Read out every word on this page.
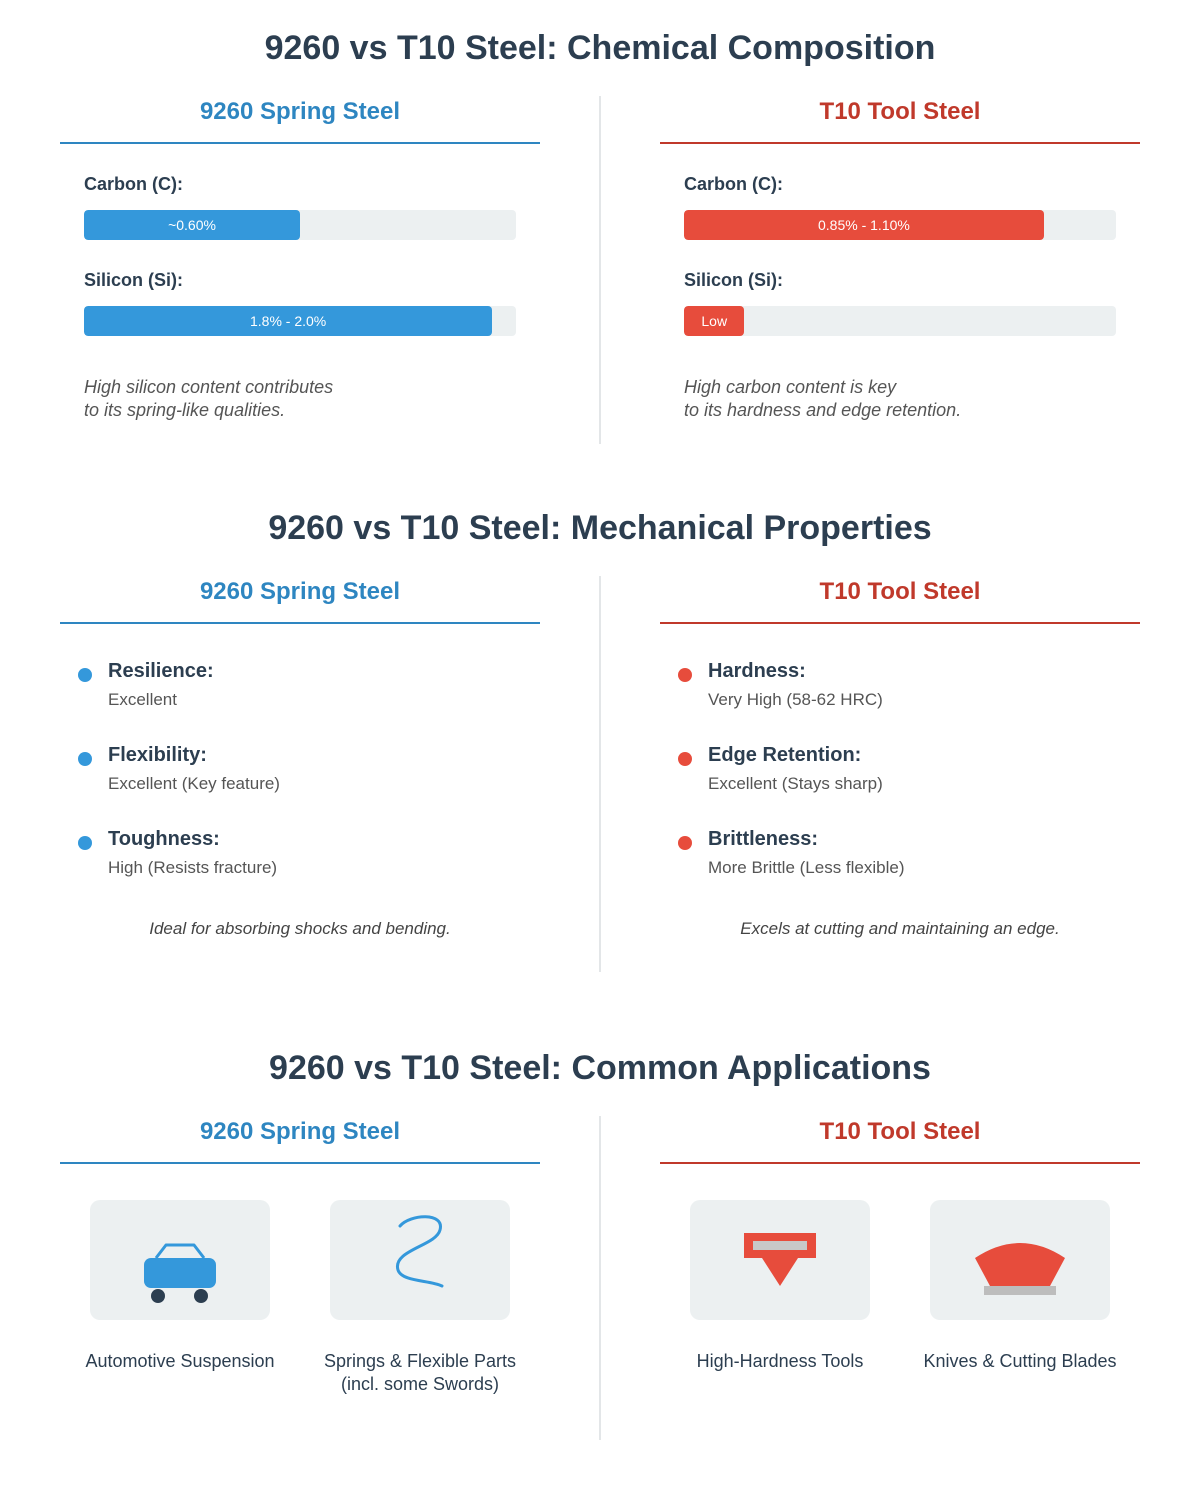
9260 vs T10 Steel: Chemical Composition
9260 Spring Steel
Carbon (C):
~0.60%
Silicon (Si):
1.8% - 2.0%
High silicon content contributes
to its spring-like qualities.
T10 Tool Steel
Carbon (C):
0.85% - 1.10%
Silicon (Si):
Low
High carbon content is key
to its hardness and edge retention.
9260 vs T10 Steel: Mechanical Properties
9260 Spring Steel
Resilience:
Excellent
Flexibility:
Excellent (Key feature)
Toughness:
High (Resists fracture)
Ideal for absorbing shocks and bending.
T10 Tool Steel
Hardness:
Very High (58-62 HRC)
Edge Retention:
Excellent (Stays sharp)
Brittleness:
More Brittle (Less flexible)
Excels at cutting and maintaining an edge.
9260 vs T10 Steel: Common Applications
9260 Spring Steel
Automotive Suspension	Springs & Flexible Parts
(incl. some Swords)
T10 Tool Steel
High-Hardness Tools	Knives & Cutting Blades
